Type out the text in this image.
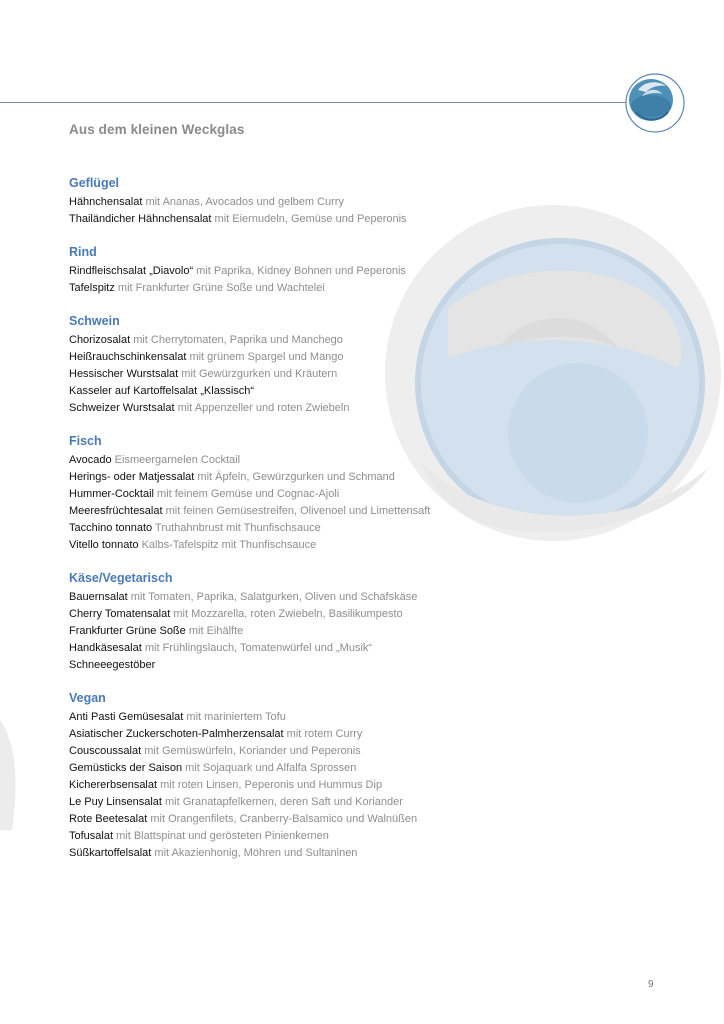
Aus dem kleinen Weckglas
Geflügel
Hähnchensalat mit Ananas, Avocados und gelbem Curry
Thailändicher Hähnchensalat mit Eiernudeln, Gemüse und Peperonis
Rind
Rindfleischsalat „Diavolo“ mit Paprika, Kidney Bohnen und Peperonis
Tafelspitz mit Frankfurter Grüne Soße und Wachtelei
Schwein
Chorizosalat mit Cherrytomaten, Paprika und Manchego
Heißrauchschinkensalat mit grünem Spargel und Mango
Hessischer Wurstsalat mit Gewürzgurken und Kräutern
Kasseler auf Kartoffelsalat „Klassisch“
Schweizer Wurstsalat mit Appenzeller und roten Zwiebeln
Fisch
Avocado Eismeergarnelen Cocktail
Herings- oder Matjessalat mit Äpfeln, Gewürzgurken und Schmand
Hummer-Cocktail mit feinem Gemüse und Cognac-Ajoli
Meeresfrüchtesalat mit feinen Gemüsestreifen, Olivenoel und Limettensaft
Tacchino tonnato Truthahnbrust mit Thunfischsauce
Vitello tonnato Kalbs-Tafelspitz mit Thunfischsauce
Käse/Vegetarisch
Bauernsalat mit Tomaten, Paprika, Salatgurken, Oliven und Schafskäse
Cherry Tomatensalat mit Mozzarella, roten Zwiebeln, Basilikumpesto
Frankfurter Grüne Soße mit Eihälfte
Handkäsesalat mit Frühlingslauch, Tomatenwürfel und „Musik“
Schneeegestöber
Vegan
Anti Pasti Gemüsesalat mit mariniertem Tofu
Asiatischer Zuckerschoten-Palmherzensalat mit rotem Curry
Couscoussalat mit Gemüswürfeln, Koriander und Peperonis
Gemüsticks der Saison mit Sojaquark und Alfalfa Sprossen
Kichererbsensalat mit roten Linsen, Peperonis und Hummus Dip
Le Puy Linsensalat mit Granatapfelkernen, deren Saft und Koriander
Rote Beetesalat mit Orangenfilets, Cranberry-Balsamico und Walnüßen
Tofusalat mit Blattspinat und gerösteten Pinienkernen
Süßkartoffelsalat mit Akazienhonig, Möhren und Sultaninen
9
